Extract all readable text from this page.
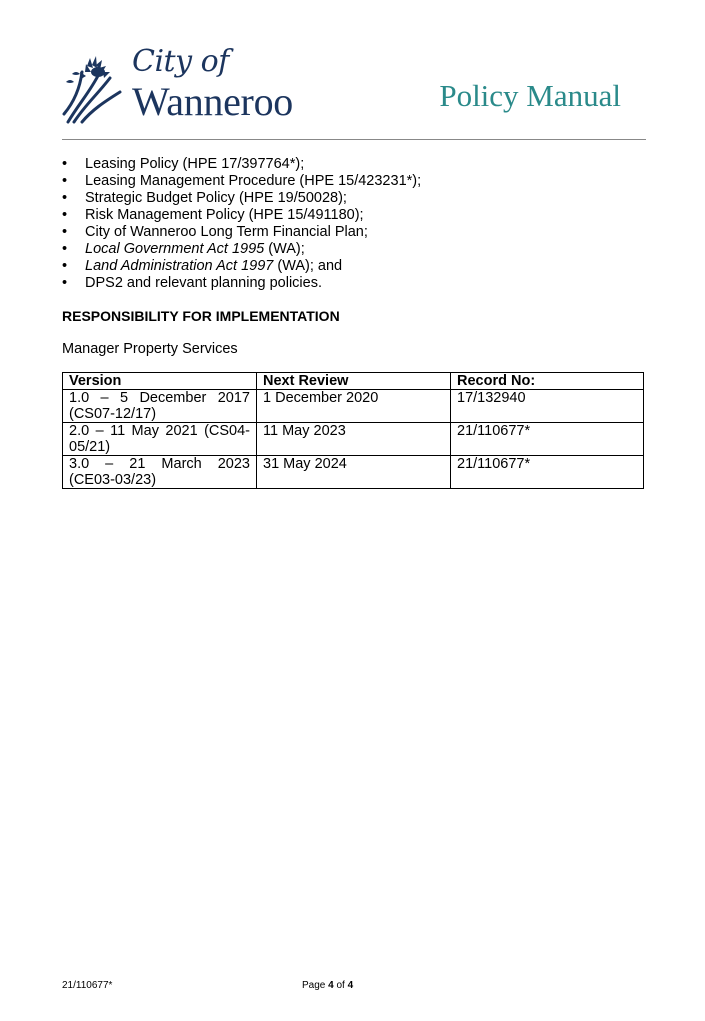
City of
Wanneroo	Policy Manual
• Leasing Policy (HPE 17/397764*);
• Leasing Management Procedure (HPE 15/423231*);
• Strategic Budget Policy (HPE 19/50028);
• Risk Management Policy (HPE 15/491180);
• City of Wanneroo Long Term Financial Plan;
• Local Government Act 1995 (WA);
• Land Administration Act 1997 (WA); and
• DPS2 and relevant planning policies.
RESPONSIBILITY FOR IMPLEMENTATION
Manager Property Services
Version	Next Review	Record No:
1.0 – 5 December 2017 (CS07-12/17)	1 December 2020	17/132940
2.0 – 11 May 2021 (CS04-05/21)	11 May 2023	21/110677*
3.0 – 21 March 2023 (CE03-03/23)	31 May 2024	21/110677*
21/110677*	Page 4 of 4
